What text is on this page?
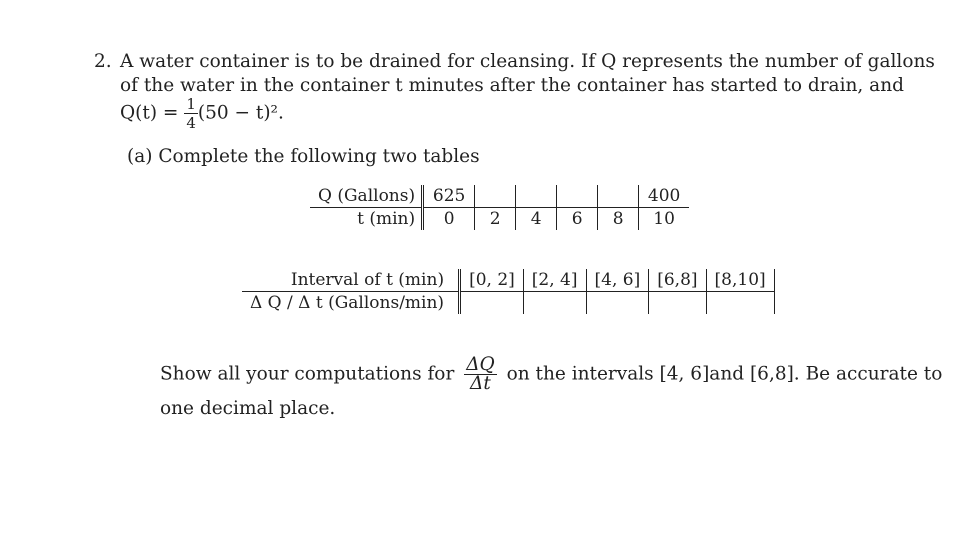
2. A water container is to be drained for cleansing. If Q represents the number of gallons
of the water in the container t minutes after the container has started to drain, and
$Q(t) = \frac{1}{4} (50 - t)^2$.
(a) Complete the following two tables
Q (Gallons)	625					400
t (min)	0	2	4	6	8	10
Interval of t (min)	[0, 2]	[2, 4]	[4, 6]	[6,8]	[8,10]
Δ Q / Δ t (Gallons/min)					
Show all your computations for $\frac{\Delta Q}{\Delta t}$ on the intervals [4, 6]and [6,8]. Be accurate to
one decimal place.
